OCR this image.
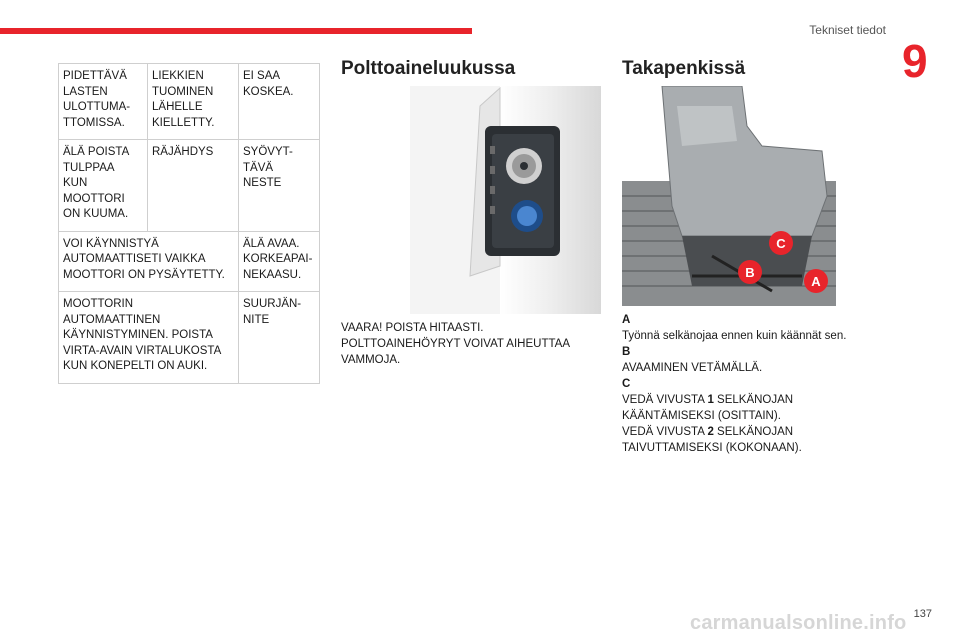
Tekniset tiedot
9
PIDETTÄVÄ
LASTEN
ULOTTUMA-
TTOMISSA.	LIEKKIEN
TUOMINEN
LÄHELLE
KIELLETTY.	EI SAA
KOSKEA.

ÄLÄ POISTA
TULPPAA
KUN
MOOTTORI
ON KUUMA.	RÄJÄHDYS	SYÖVYT-
TÄVÄ
NESTE

VOI KÄYNNISTYÄ
AUTOMAATTISETI VAIKKA
MOOTTORI ON PYSÄYTETTY.		ÄLÄ AVAA.
KORKEAPAI-
NEKAASU.

MOOTTORIN
AUTOMAATTINEN
KÄYNNISTYMINEN. POISTA
VIRTA-AVAIN VIRTALUKOSTA
KUN KONEPELTI ON AUKI.		SUURJÄN-
NITE
Polttoaineluukussa
VAARA! POISTA HITAASTI.
POLTTOAINEHÖYRYT VOIVAT AIHEUTTAA
VAMMOJA.
Takapenkissä
C
B
A
A
Työnnä selkänojaa ennen kuin käännät sen.
B
AVAAMINEN VETÄMÄLLÄ.
C
VEDÄ VIVUSTA 1 SELKÄNOJAN
KÄÄNTÄMISEKSI (OSITTAIN).
VEDÄ VIVUSTA 2 SELKÄNOJAN
TAIVUTTAMISEKSI (KOKONAAN).
carmanualsonline.info 137
